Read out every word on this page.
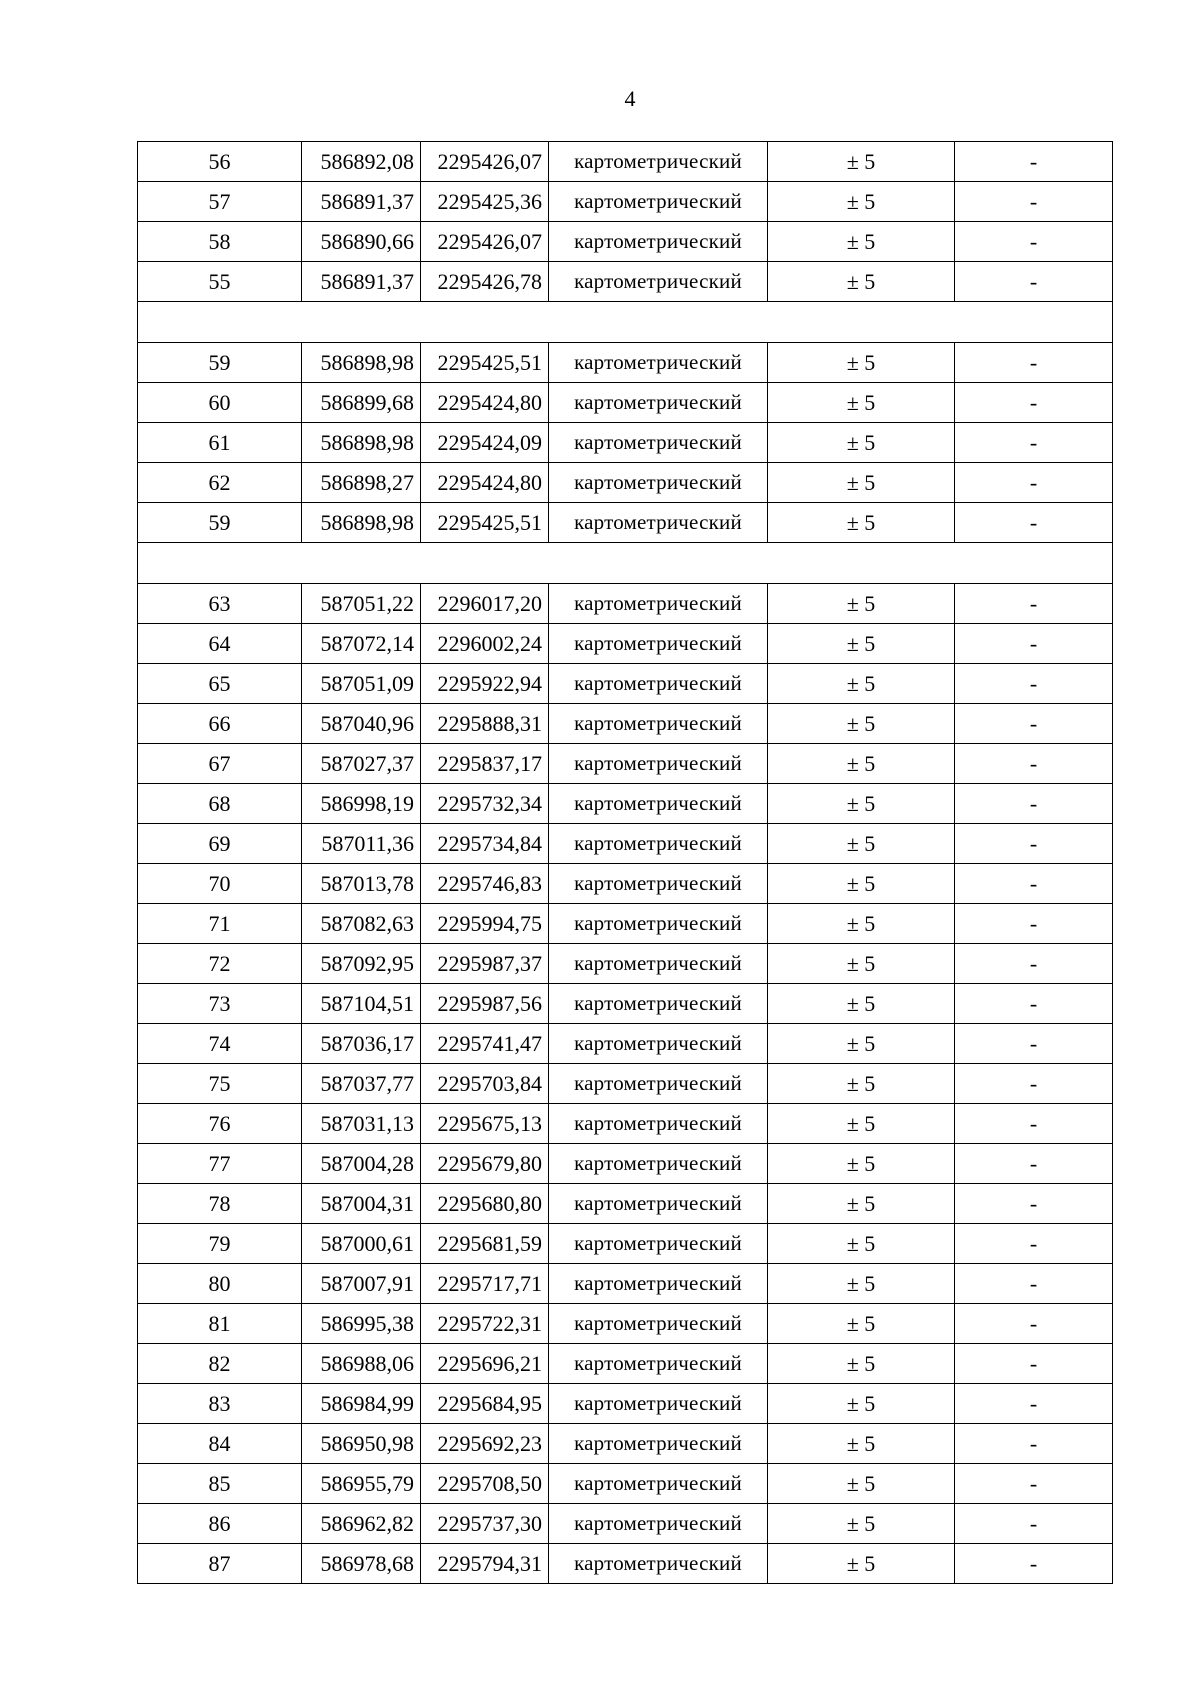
4
56	586892,08	2295426,07	картометрический	± 5	-
57	586891,37	2295425,36	картометрический	± 5	-
58	586890,66	2295426,07	картометрический	± 5	-
55	586891,37	2295426,78	картометрический	± 5	-

59	586898,98	2295425,51	картометрический	± 5	-
60	586899,68	2295424,80	картометрический	± 5	-
61	586898,98	2295424,09	картометрический	± 5	-
62	586898,27	2295424,80	картометрический	± 5	-
59	586898,98	2295425,51	картометрический	± 5	-

63	587051,22	2296017,20	картометрический	± 5	-
64	587072,14	2296002,24	картометрический	± 5	-
65	587051,09	2295922,94	картометрический	± 5	-
66	587040,96	2295888,31	картометрический	± 5	-
67	587027,37	2295837,17	картометрический	± 5	-
68	586998,19	2295732,34	картометрический	± 5	-
69	587011,36	2295734,84	картометрический	± 5	-
70	587013,78	2295746,83	картометрический	± 5	-
71	587082,63	2295994,75	картометрический	± 5	-
72	587092,95	2295987,37	картометрический	± 5	-
73	587104,51	2295987,56	картометрический	± 5	-
74	587036,17	2295741,47	картометрический	± 5	-
75	587037,77	2295703,84	картометрический	± 5	-
76	587031,13	2295675,13	картометрический	± 5	-
77	587004,28	2295679,80	картометрический	± 5	-
78	587004,31	2295680,80	картометрический	± 5	-
79	587000,61	2295681,59	картометрический	± 5	-
80	587007,91	2295717,71	картометрический	± 5	-
81	586995,38	2295722,31	картометрический	± 5	-
82	586988,06	2295696,21	картометрический	± 5	-
83	586984,99	2295684,95	картометрический	± 5	-
84	586950,98	2295692,23	картометрический	± 5	-
85	586955,79	2295708,50	картометрический	± 5	-
86	586962,82	2295737,30	картометрический	± 5	-
87	586978,68	2295794,31	картометрический	± 5	-
